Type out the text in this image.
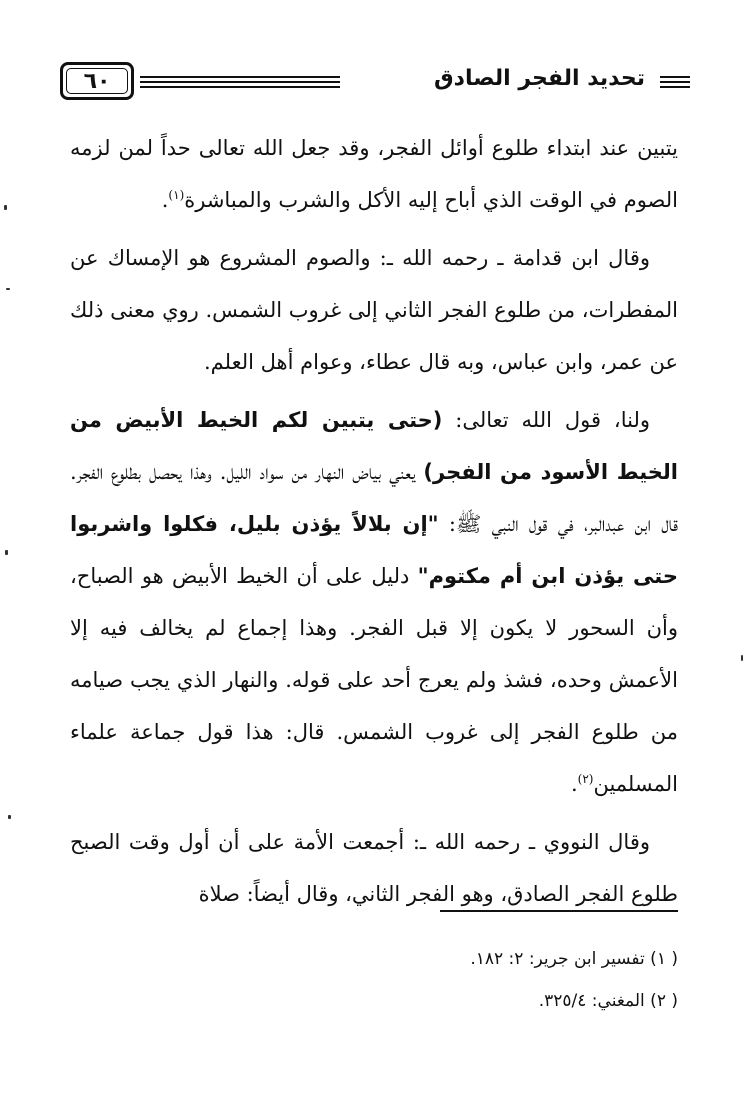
تحديد الفجر الصادق
٦٠

يتبين عند ابتداء طلوع أوائل الفجر، وقد جعل الله تعالى حداً لمن لزمه الصوم في الوقت الذي أباح إليه الأكل والشرب والمباشرة$^{(١)}$.

وقال ابن قدامة ـ رحمه الله ـ: والصوم المشروع هو الإمساك عن المفطرات، من طلوع الفجر الثاني إلى غروب الشمس. روي معنى ذلك عن عمر، وابن عباس، وبه قال عطاء، وعوام أهل العلم.

ولنا، قول الله تعالى: (حتى يتبين لكم الخيط الأبيض من الخيط الأسود من الفجر) يعني بياض النهار من سواد الليل. وهذا يحصل بطلوع الفجر. قال ابن عبدالبر، في قول النبي ﷺ: "إن بلالاً يؤذن بليل، فكلوا واشربوا حتى يؤذن ابن أم مكتوم" دليل على أن الخيط الأبيض هو الصباح، وأن السحور لا يكون إلا قبل الفجر. وهذا إجماع لم يخالف فيه إلا الأعمش وحده، فشذ ولم يعرج أحد على قوله. والنهار الذي يجب صيامه من طلوع الفجر إلى غروب الشمس. قال: هذا قول جماعة علماء المسلمين$^{(٢)}$.

وقال النووي ـ رحمه الله ـ: أجمعت الأمة على أن أول وقت الصبح طلوع الفجر الصادق، وهو الفجر الثاني، وقال أيضاً: صلاة

( ١) تفسير ابن جرير: ٢: ١٨٢.
( ٢) المغني: ٣٢٥/٤.
